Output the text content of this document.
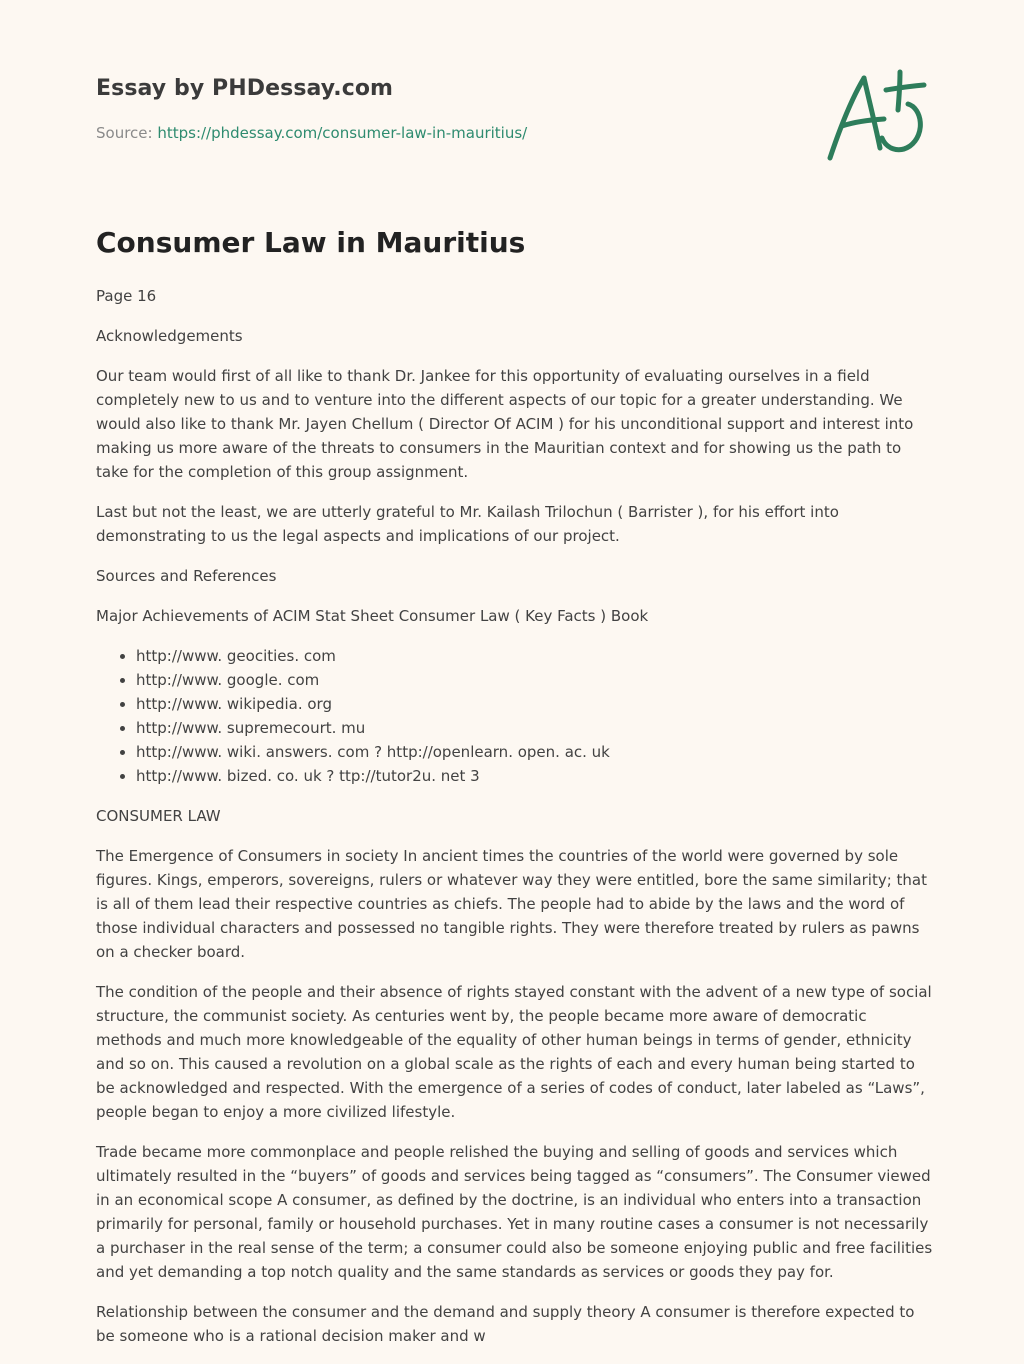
Essay by PHDessay.com

Source: https://phdessay.com/consumer-law-in-mauritius/

Consumer Law in Mauritius

Page 16

Acknowledgements

Our team would first of all like to thank Dr. Jankee for this opportunity of evaluating ourselves in a field completely new to us and to venture into the different aspects of our topic for a greater understanding. We would also like to thank Mr. Jayen Chellum ( Director Of ACIM ) for his unconditional support and interest into making us more aware of the threats to consumers in the Mauritian context and for showing us the path to take for the completion of this group assignment.

Last but not the least, we are utterly grateful to Mr. Kailash Trilochun ( Barrister ), for his effort into demonstrating to us the legal aspects and implications of our project.

Sources and References

Major Achievements of ACIM Stat Sheet Consumer Law ( Key Facts ) Book

• http://www. geocities. com
• http://www. google. com
• http://www. wikipedia. org
• http://www. supremecourt. mu
• http://www. wiki. answers. com ? http://openlearn. open. ac. uk
• http://www. bized. co. uk ? ttp://tutor2u. net 3

CONSUMER LAW

The Emergence of Consumers in society In ancient times the countries of the world were governed by sole figures. Kings, emperors, sovereigns, rulers or whatever way they were entitled, bore the same similarity; that is all of them lead their respective countries as chiefs. The people had to abide by the laws and the word of those individual characters and possessed no tangible rights. They were therefore treated by rulers as pawns on a checker board.

The condition of the people and their absence of rights stayed constant with the advent of a new type of social structure, the communist society. As centuries went by, the people became more aware of democratic methods and much more knowledgeable of the equality of other human beings in terms of gender, ethnicity and so on. This caused a revolution on a global scale as the rights of each and every human being started to be acknowledged and respected. With the emergence of a series of codes of conduct, later labeled as “Laws”, people began to enjoy a more civilized lifestyle.

Trade became more commonplace and people relished the buying and selling of goods and services which ultimately resulted in the “buyers” of goods and services being tagged as “consumers”. The Consumer viewed in an economical scope A consumer, as defined by the doctrine, is an individual who enters into a transaction primarily for personal, family or household purchases. Yet in many routine cases a consumer is not necessarily a purchaser in the real sense of the term; a consumer could also be someone enjoying public and free facilities and yet demanding a top notch quality and the same standards as services or goods they pay for.

Relationship between the consumer and the demand and supply theory A consumer is therefore expected to be someone who is a rational decision maker and w
